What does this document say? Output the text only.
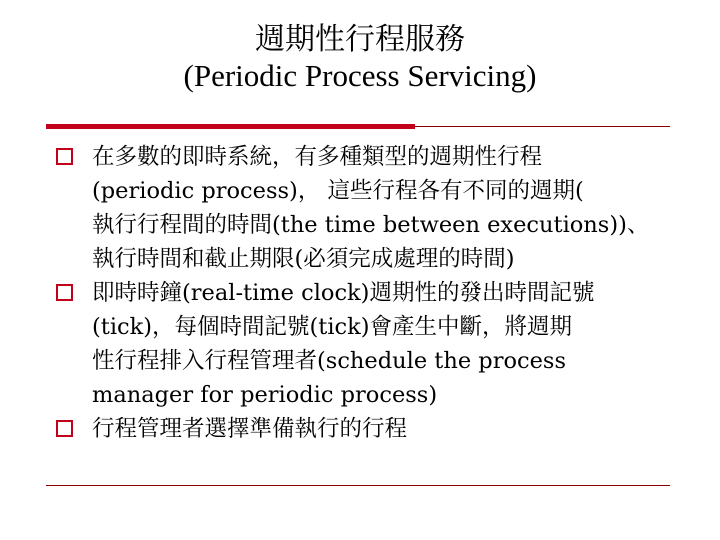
週期性行程服務
(Periodic Process Servicing)
在多數的即時系統，有多種類型的週期性行程
(periodic process)， 這些行程各有不同的週期(
執行行程間的時間(the time between executions))、
執行時間和截止期限(必須完成處理的時間)
即時時鐘(real-time clock)週期性的發出時間記號
(tick)，每個時間記號(tick)會產生中斷，將週期
性行程排入行程管理者(schedule the process
manager for periodic process)
行程管理者選擇準備執行的行程
